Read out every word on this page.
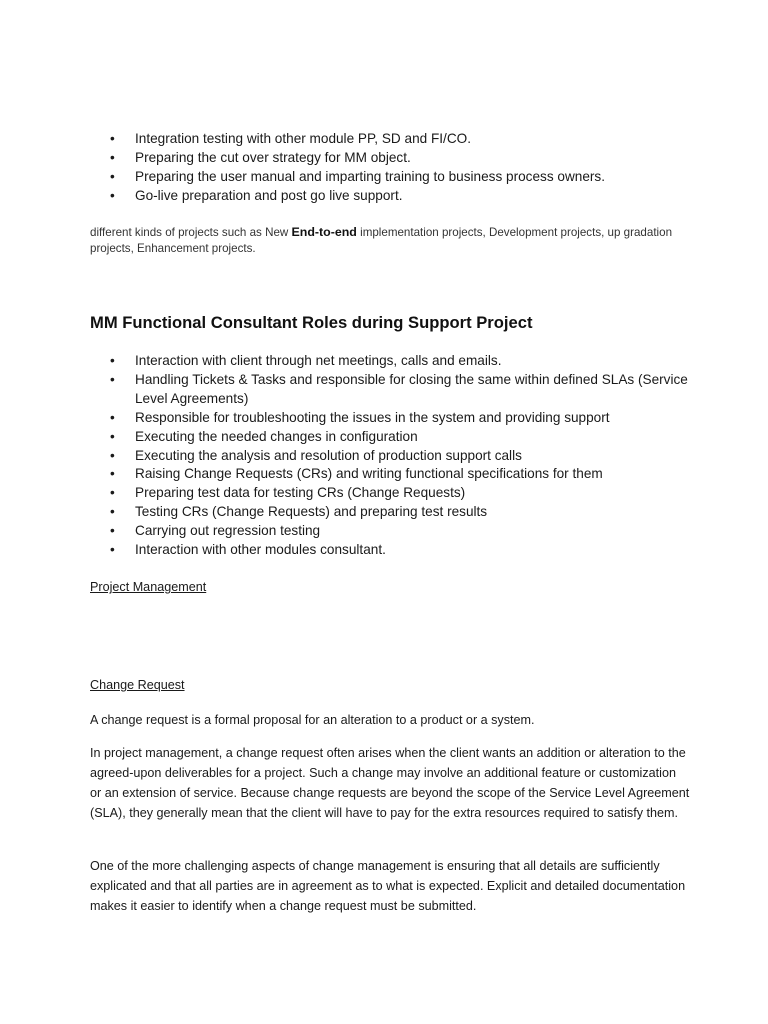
• Integration testing with other module PP, SD and FI/CO.
• Preparing the cut over strategy for MM object.
• Preparing the user manual and imparting training to business process owners.
• Go-live preparation and post go live support.
different kinds of projects such as New End-to-end implementation projects, Development projects, up gradation projects, Enhancement projects.
MM Functional Consultant Roles during Support Project
• Interaction with client through net meetings, calls and emails.
• Handling Tickets & Tasks and responsible for closing the same within defined SLAs (Service Level Agreements)
• Responsible for troubleshooting the issues in the system and providing support
• Executing the needed changes in configuration
• Executing the analysis and resolution of production support calls
• Raising Change Requests (CRs) and writing functional specifications for them
• Preparing test data for testing CRs (Change Requests)
• Testing CRs (Change Requests) and preparing test results
• Carrying out regression testing
• Interaction with other modules consultant.
Project Management
Change Request

A change request is a formal proposal for an alteration to a product or a system.

In project management, a change request often arises when the client wants an addition or alteration to the agreed-upon deliverables for a project. Such a change may involve an additional feature or customization or an extension of service. Because change requests are beyond the scope of the Service Level Agreement (SLA), they generally mean that the client will have to pay for the extra resources required to satisfy them.

One of the more challenging aspects of change management is ensuring that all details are sufficiently explicated and that all parties are in agreement as to what is expected. Explicit and detailed documentation makes it easier to identify when a change request must be submitted.
